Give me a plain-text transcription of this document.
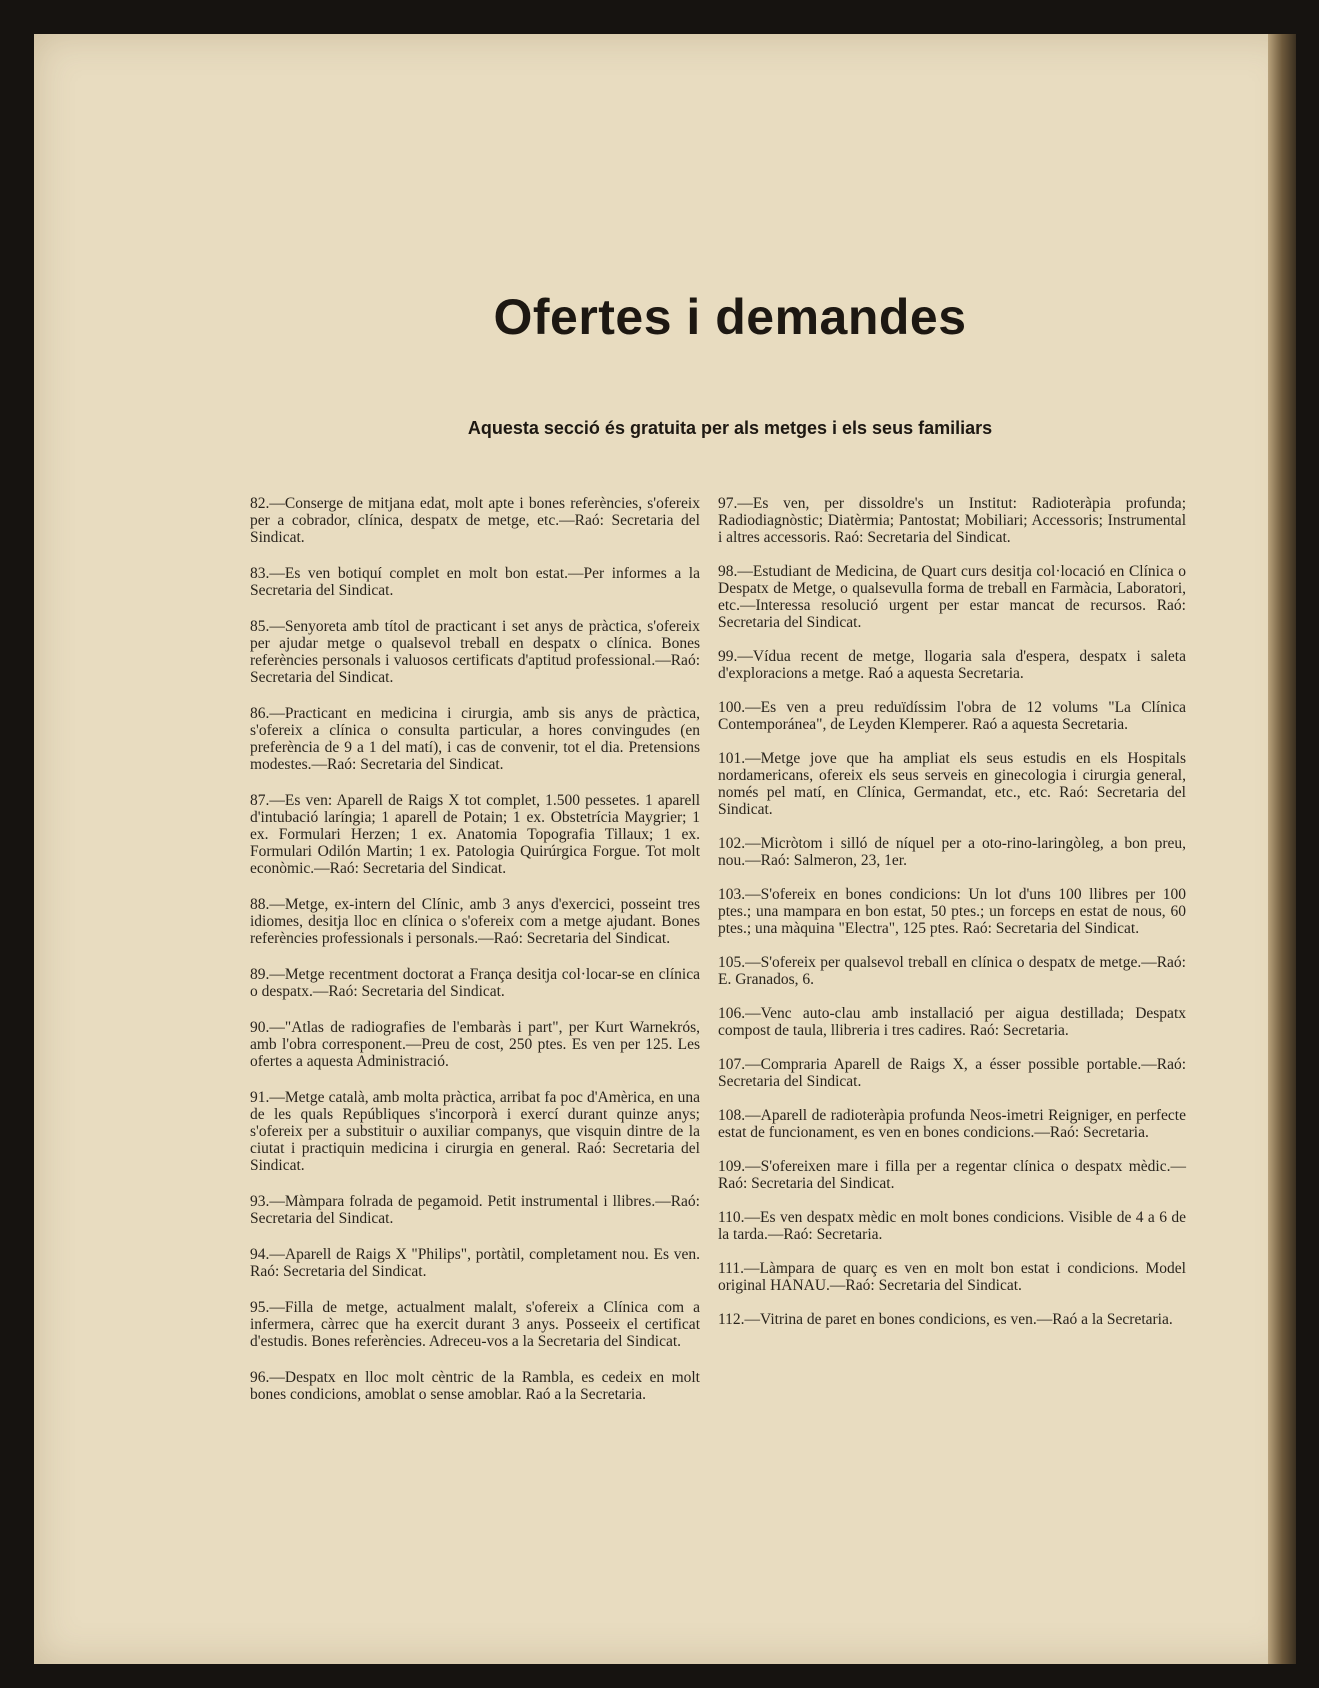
Ofertes i demandes
Aquesta secció és gratuita per als metges i els seus familiars

82.—Conserge de mitjana edat, molt apte i bones referències, s'ofereix per a cobrador, clínica, despatx de metge, etc.—Raó: Secretaria del Sindicat.

83.—Es ven botiquí complet en molt bon estat.—Per informes a la Secretaria del Sindicat.

85.—Senyoreta amb títol de practicant i set anys de pràctica, s'ofereix per ajudar metge o qualsevol treball en despatx o clínica. Bones referències personals i valuosos certificats d'aptitud professional.—Raó: Secretaria del Sindicat.

86.—Practicant en medicina i cirurgia, amb sis anys de pràctica, s'ofereix a clínica o consulta particular, a hores convingudes (en preferència de 9 a 1 del matí), i cas de convenir, tot el dia. Pretensions modestes.—Raó: Secretaria del Sindicat.

87.—Es ven: Aparell de Raigs X tot complet, 1.500 pessetes. 1 aparell d'intubació laríngia; 1 aparell de Potain; 1 ex. Obstetrícia Maygrier; 1 ex. Formulari Herzen; 1 ex. Anatomia Topografia Tillaux; 1 ex. Formulari Odilón Martin; 1 ex. Patologia Quirúrgica Forgue. Tot molt econòmic.—Raó: Secretaria del Sindicat.

88.—Metge, ex-intern del Clínic, amb 3 anys d'exercici, posseint tres idiomes, desitja lloc en clínica o s'ofereix com a metge ajudant. Bones referències professionals i personals.—Raó: Secretaria del Sindicat.

89.—Metge recentment doctorat a França desitja col·locar-se en clínica o despatx.—Raó: Secretaria del Sindicat.

90.—"Atlas de radiografies de l'embaràs i part", per Kurt Warnekrós, amb l'obra corresponent.—Preu de cost, 250 ptes. Es ven per 125. Les ofertes a aquesta Administració.

91.—Metge català, amb molta pràctica, arribat fa poc d'Amèrica, en una de les quals Repúbliques s'incorporà i exercí durant quinze anys; s'ofereix per a substituir o auxiliar companys, que visquin dintre de la ciutat i practiquin medicina i cirurgia en general. Raó: Secretaria del Sindicat.

93.—Màmpara folrada de pegamoid. Petit instrumental i llibres.—Raó: Secretaria del Sindicat.

94.—Aparell de Raigs X "Philips", portàtil, completament nou. Es ven. Raó: Secretaria del Sindicat.

95.—Filla de metge, actualment malalt, s'ofereix a Clínica com a infermera, càrrec que ha exercit durant 3 anys. Posseeix el certificat d'estudis. Bones referències. Adreceu-vos a la Secretaria del Sindicat.

96.—Despatx en lloc molt cèntric de la Rambla, es cedeix en molt bones condicions, amoblat o sense amoblar. Raó a la Secretaria.

97.—Es ven, per dissoldre's un Institut: Radioteràpia profunda; Radiodiagnòstic; Diatèrmia; Pantostat; Mobiliari; Accessoris; Instrumental i altres accessoris. Raó: Secretaria del Sindicat.

98.—Estudiant de Medicina, de Quart curs desitja col·locació en Clínica o Despatx de Metge, o qualsevulla forma de treball en Farmàcia, Laboratori, etc.—Interessa resolució urgent per estar mancat de recursos. Raó: Secretaria del Sindicat.

99.—Vídua recent de metge, llogaria sala d'espera, despatx i saleta d'exploracions a metge. Raó a aquesta Secretaria.

100.—Es ven a preu reduïdíssim l'obra de 12 volums "La Clínica Contemporánea", de Leyden Klemperer. Raó a aquesta Secretaria.

101.—Metge jove que ha ampliat els seus estudis en els Hospitals nordamericans, ofereix els seus serveis en ginecologia i cirurgia general, només pel matí, en Clínica, Germandat, etc., etc. Raó: Secretaria del Sindicat.

102.—Micròtom i silló de níquel per a oto-rino-laringòleg, a bon preu, nou.—Raó: Salmeron, 23, 1er.

103.—S'ofereix en bones condicions: Un lot d'uns 100 llibres per 100 ptes.; una mampara en bon estat, 50 ptes.; un forceps en estat de nous, 60 ptes.; una màquina "Electra", 125 ptes. Raó: Secretaria del Sindicat.

105.—S'ofereix per qualsevol treball en clínica o despatx de metge.—Raó: E. Granados, 6.

106.—Venc auto-clau amb installació per aigua destillada; Despatx compost de taula, llibreria i tres cadires. Raó: Secretaria.

107.—Compraria Aparell de Raigs X, a ésser possible portable.—Raó: Secretaria del Sindicat.

108.—Aparell de radioteràpia profunda Neos-imetri Reigniger, en perfecte estat de funcionament, es ven en bones condicions.—Raó: Secretaria.

109.—S'ofereixen mare i filla per a regentar clínica o despatx mèdic.—Raó: Secretaria del Sindicat.

110.—Es ven despatx mèdic en molt bones condicions. Visible de 4 a 6 de la tarda.—Raó: Secretaria.

111.—Làmpara de quarç es ven en molt bon estat i condicions. Model original HANAU.—Raó: Secretaria del Sindicat.

112.—Vitrina de paret en bones condicions, es ven.—Raó a la Secretaria.
